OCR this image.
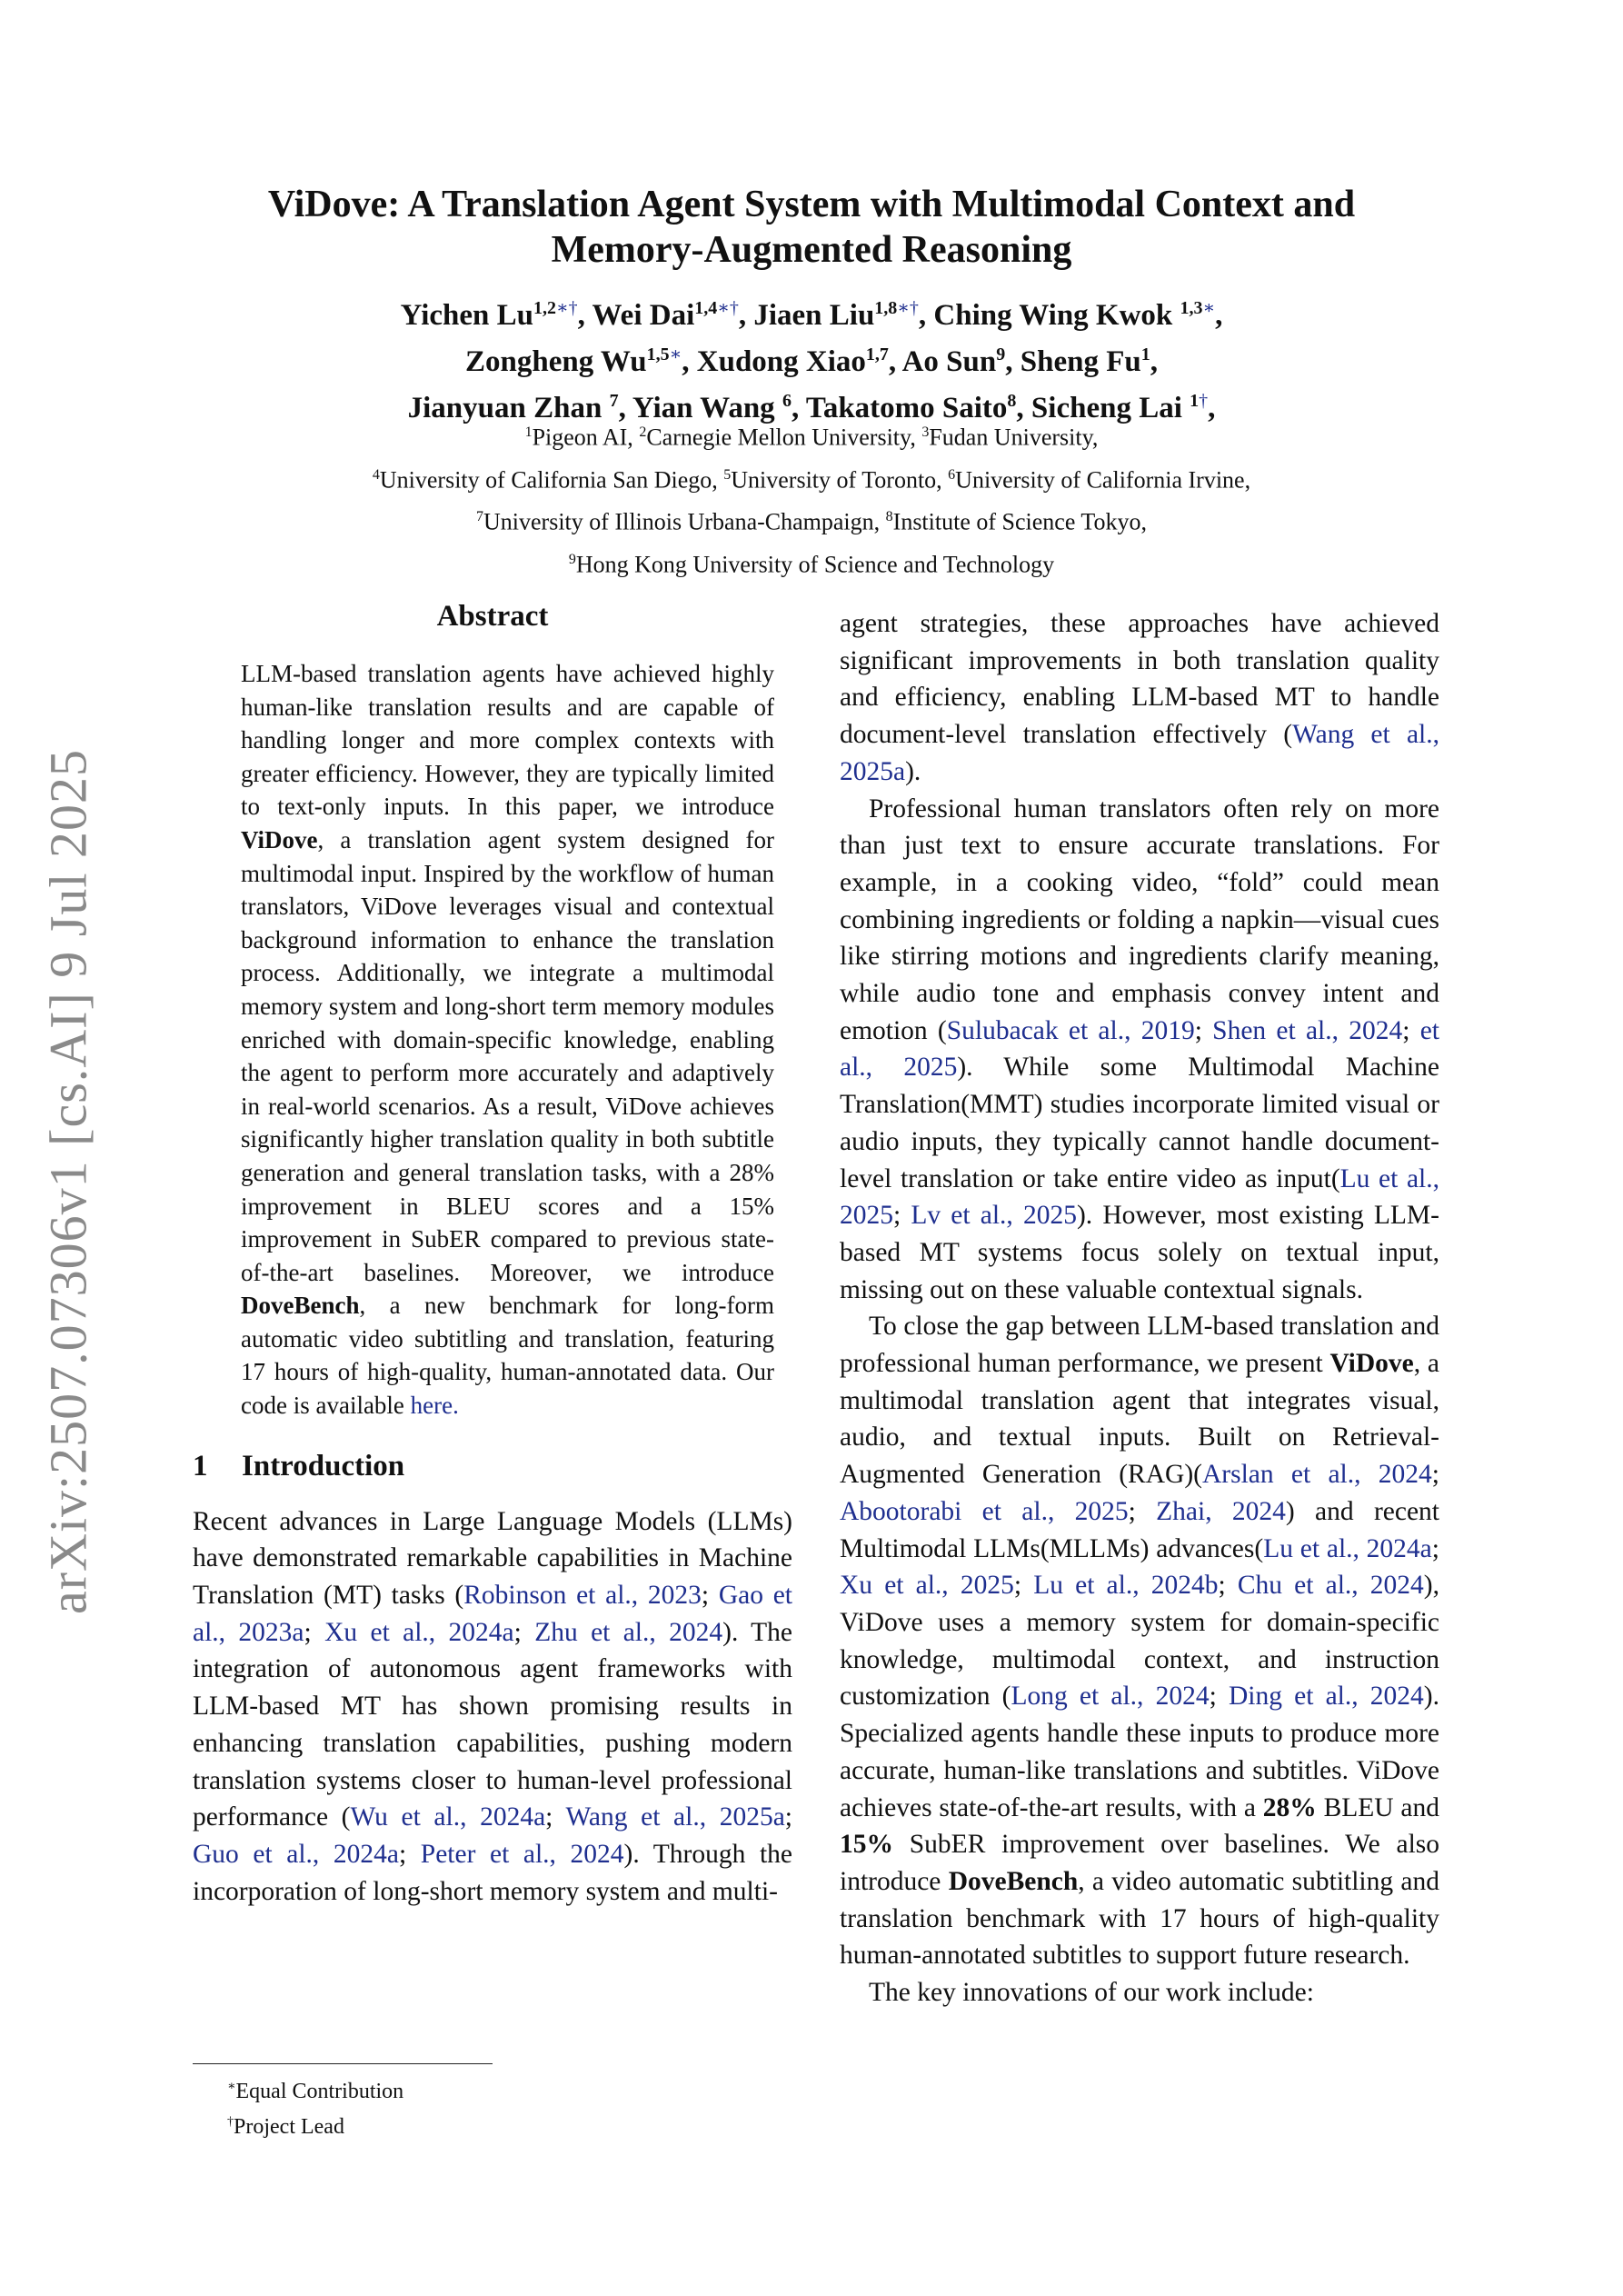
arXiv:2507.07306v1 [cs.AI] 9 Jul 2025
ViDove: A Translation Agent System with Multimodal Context and
Memory-Augmented Reasoning
Yichen $Lu^{1,2∗\dagger}$, Wei Dai$^{1,4∗\dagger}$, Jiaen Liu$^{1,8∗\dagger}$, Ching Wing Kwok $^{1,3∗}$,
Zongheng $Wu^{1,5∗}$, Xudong Xiao$^{1,7}$, Ao Sun$^9$, Sheng Fu$^1$,
Jianyuan Zhan $^7$, Yian Wang $^6$, Takatomo Saito$^8$, Sicheng Lai $^{1\dagger}$,
$^1$Pigeon AI, $^2$Carnegie Mellon University, $^3$Fudan University,
$^4$University of California San Diego, $^5$University of Toronto, $^6$University of California Irvine,
$^7$University of Illinois Urbana-Champaign, $^8$Institute of Science Tokyo,
$^9$Hong Kong University of Science and Technology
Abstract

LLM-based translation agents have achieved highly human-like translation results and are capable of handling longer and more complex contexts with greater efficiency. However, they are typically limited to text-only inputs. In this paper, we introduce ViDove, a translation agent system designed for multimodal input. Inspired by the workflow of human translators, ViDove leverages visual and contextual background information to enhance the translation process. Additionally, we integrate a multimodal memory system and long-short term memory modules enriched with domain-specific knowledge, enabling the agent to perform more accurately and adaptively in real-world scenarios. As a result, ViDove achieves significantly higher translation quality in both subtitle generation and general translation tasks, with a 28% improvement in BLEU scores and a 15% improvement in SubER compared to previous state-of-the-art baselines. Moreover, we introduce DoveBench, a new benchmark for long-form automatic video subtitling and translation, featuring 17 hours of high-quality, human-annotated data. Our code is available here.

1 Introduction

Recent advances in Large Language Models (LLMs) have demonstrated remarkable capabilities in Machine Translation (MT) tasks (Robinson et al., 2023; Gao et al., 2023a; Xu et al., 2024a; Zhu et al., 2024). The integration of autonomous agent frameworks with LLM-based MT has shown promising results in enhancing translation capabilities, pushing modern translation systems closer to human-level professional performance (Wu et al., 2024a; Wang et al., 2025a; Guo et al., 2024a; Peter et al., 2024). Through the incorporation of long-short memory system and multi-

agent strategies, these approaches have achieved significant improvements in both translation quality and efficiency, enabling LLM-based MT to handle document-level translation effectively (Wang et al., 2025a).

Professional human translators often rely on more than just text to ensure accurate translations. For example, in a cooking video, “fold” could mean combining ingredients or folding a napkin—visual cues like stirring motions and ingredients clarify meaning, while audio tone and emphasis convey intent and emotion (Sulubacak et al., 2019; Shen et al., 2024; et al., 2025). While some Multimodal Machine Translation(MMT) studies incorporate limited visual or audio inputs, they typically cannot handle document-level translation or take entire video as input(Lu et al., 2025; Lv et al., 2025). However, most existing LLM-based MT systems focus solely on textual input, missing out on these valuable contextual signals.

To close the gap between LLM-based translation and professional human performance, we present ViDove, a multimodal translation agent that integrates visual, audio, and textual inputs. Built on Retrieval-Augmented Generation (RAG)(Arslan et al., 2024; Abootorabi et al., 2025; Zhai, 2024) and recent Multimodal LLMs(MLLMs) advances(Lu et al., 2024a; Xu et al., 2025; Lu et al., 2024b; Chu et al., 2024), ViDove uses a memory system for domain-specific knowledge, multimodal context, and instruction customization (Long et al., 2024; Ding et al., 2024). Specialized agents handle these inputs to produce more accurate, human-like translations and subtitles. ViDove achieves state-of-the-art results, with a 28% BLEU and 15% SubER improvement over baselines. We also introduce DoveBench, a video automatic subtitling and translation benchmark with 17 hours of high-quality human-annotated subtitles to support future research.

The key innovations of our work include:

∗Equal Contribution
†Project Lead
